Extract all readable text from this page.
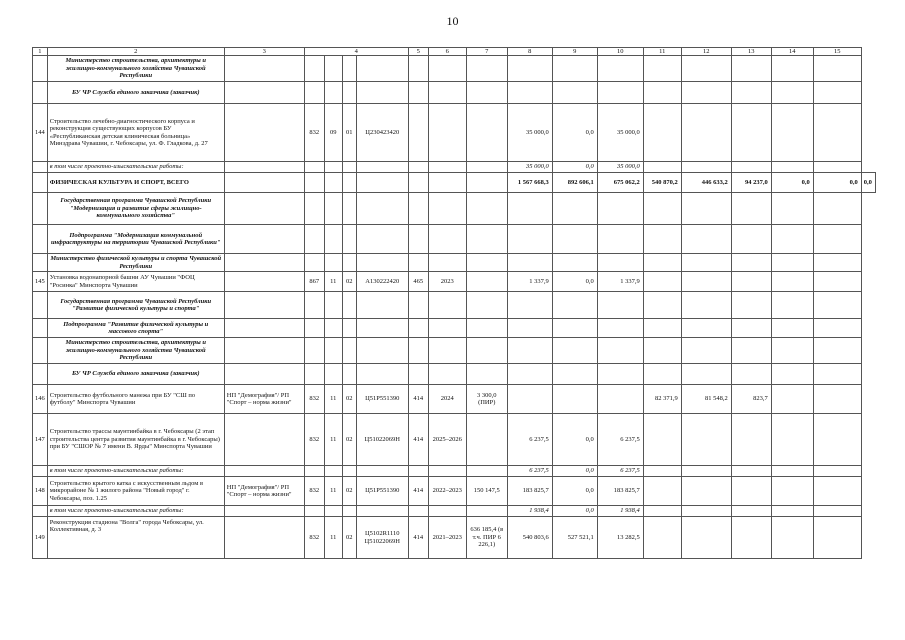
10
1	2	3	4				5	6	7	8	9	10	11	12	13	14	15	
	Министерство строительства, архитектуры и жилищно-коммунального хозяйства Чувашской Республики																	
	БУ ЧР Служба единого заказчика (заказчик)																	
144	Строительство лечебно-диагностического корпуса и реконструкция существующих корпусов БУ «Республиканская детская клиническая больница» Минздрава Чувашии, г. Чебоксары, ул. Ф. Гладкова, д. 27		832	09	01	Ц230423420				35 000,0	0,0	35 000,0						
	в том числе проектно-изыскательские работы:									35 000,0	0,0	35 000,0						
	ФИЗИЧЕСКАЯ КУЛЬТУРА И СПОРТ, ВСЕГО									1 567 668,3	892 606,1	675 062,2	540 870,2	446 633,2	94 237,0	0,0	0,0	0,0
	Государственная программа Чувашской Республики "Модернизация и развитие сферы жилищно-коммунального хозяйства"																	
	Подпрограмма "Модернизация коммунальной инфраструктуры на территории Чувашской Республики"																	
	Министерство физической культуры и спорта Чувашской Республики																	
145	Установка водонапорной башни АУ Чувашии "ФОЦ "Росинка" Минспорта Чувашии		867	11	02	А130222420	465	2023		1 337,9	0,0	1 337,9						
	Государственная программа Чувашской Республики "Развитие физической культуры и спорта"																	
	Подпрограмма "Развитие физической культуры и массового спорта"																	
	Министерство строительства, архитектуры и жилищно-коммунального хозяйства Чувашской Республики																	
	БУ ЧР Служба единого заказчика (заказчик)																	
146	Строительство футбольного манежа при БУ "СШ по футболу" Минспорта Чувашии	НП "Демография"/ РП "Спорт – норма жизни"	832	11	02	Ц51Р551390	414	2024	3 300,0 (ПИР)				82 371,9	81 548,2	823,7			
147	Строительство трассы маунтинбайка в г. Чебоксары (2 этап строительства центра развития маунтинбайка в г. Чебоксары) при БУ "СШОР № 7 имени В. Ярды" Минспорта Чувашии		832	11	02	Ц51022069Н	414	2025–2026		6 237,5	0,0	6 237,5						
	в том числе проектно-изыскательские работы:									6 237,5	0,0	6 237,5						
148	Строительство крытого катка с искусственным льдом в микрорайоне № 1 жилого района "Новый город" г. Чебоксары, поз. 1.25	НП "Демография"/ РП "Спорт – норма жизни"	832	11	02	Ц51Р551390	414	2022–2023	150 147,5	183 825,7	0,0	183 825,7						
	в том числе проектно-изыскательские работы:									1 938,4	0,0	1 938,4						
149	Реконструкция стадиона "Волга" города Чебоксары, ул. Коллективная, д. 3		832	11	02	Ц5102R1110 Ц51022069Н	414	2021–2023	636 185,4 (в т.ч. ПИР 6 226,1)	540 803,6	527 521,1	13 282,5						
